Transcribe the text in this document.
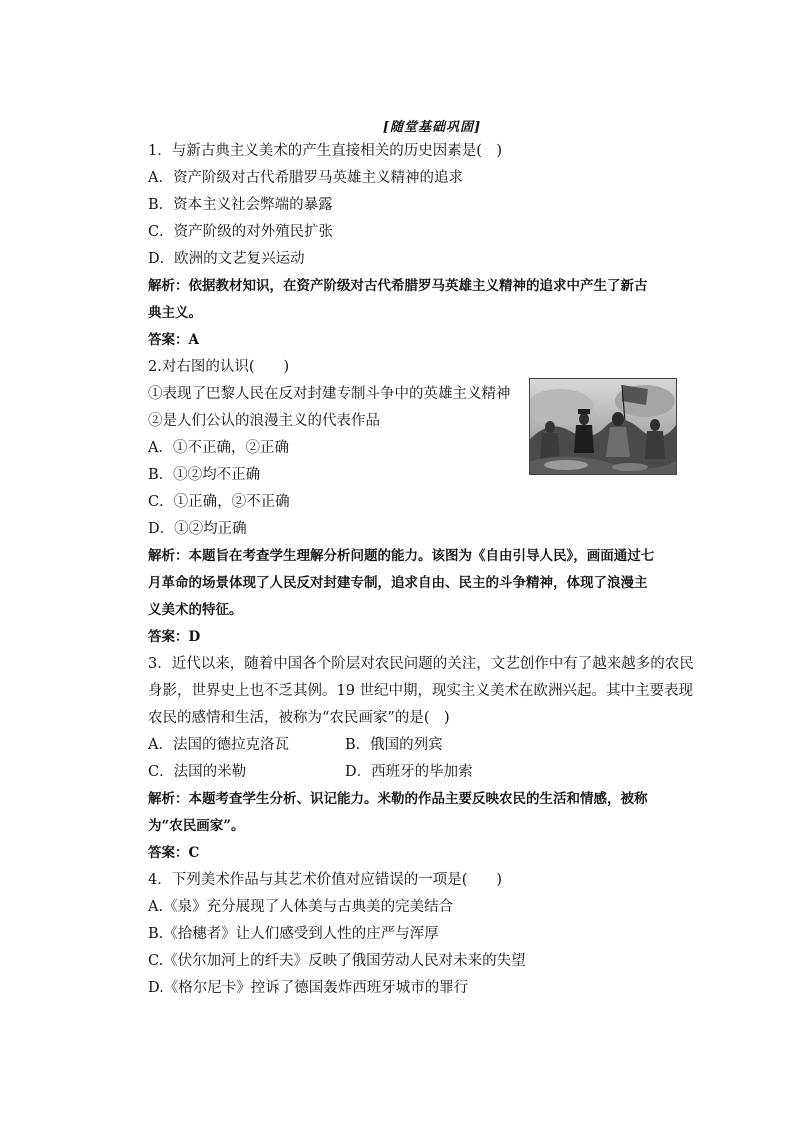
[随堂基础巩固]
1．与新古典主义美术的产生直接相关的历史因素是(　)
A．资产阶级对古代希腊罗马英雄主义精神的追求
B．资本主义社会弊端的暴露
C．资产阶级的对外殖民扩张
D．欧洲的文艺复兴运动
解析：依据教材知识，在资产阶级对古代希腊罗马英雄主义精神的追求中产生了新古
典主义。
答案：A
2.对右图的认识(　　)
①表现了巴黎人民在反对封建专制斗争中的英雄主义精神
②是人们公认的浪漫主义的代表作品
A．①不正确，②正确
B．①②均不正确
C．①正确，②不正确
D．①②均正确
解析：本题旨在考查学生理解分析问题的能力。该图为《自由引导人民》，画面通过七
月革命的场景体现了人民反对封建专制，追求自由、民主的斗争精神，体现了浪漫主
义美术的特征。
答案：D
3．近代以来，随着中国各个阶层对农民问题的关注，文艺创作中有了越来越多的农民
身影，世界史上也不乏其例。19 世纪中期，现实主义美术在欧洲兴起。其中主要表现
农民的感情和生活，被称为“农民画家”的是(　)
A．法国的德拉克洛瓦	B．俄国的列宾
C．法国的米勒	D．西班牙的毕加索
解析：本题考查学生分析、识记能力。米勒的作品主要反映农民的生活和情感，被称
为“农民画家”。
答案：C
4．下列美术作品与其艺术价值对应错误的一项是(　　)
A.《泉》充分展现了人体美与古典美的完美结合
B.《拾穗者》让人们感受到人性的庄严与浑厚
C.《伏尔加河上的纤夫》反映了俄国劳动人民对未来的失望
D.《格尔尼卡》控诉了德国轰炸西班牙城市的罪行
